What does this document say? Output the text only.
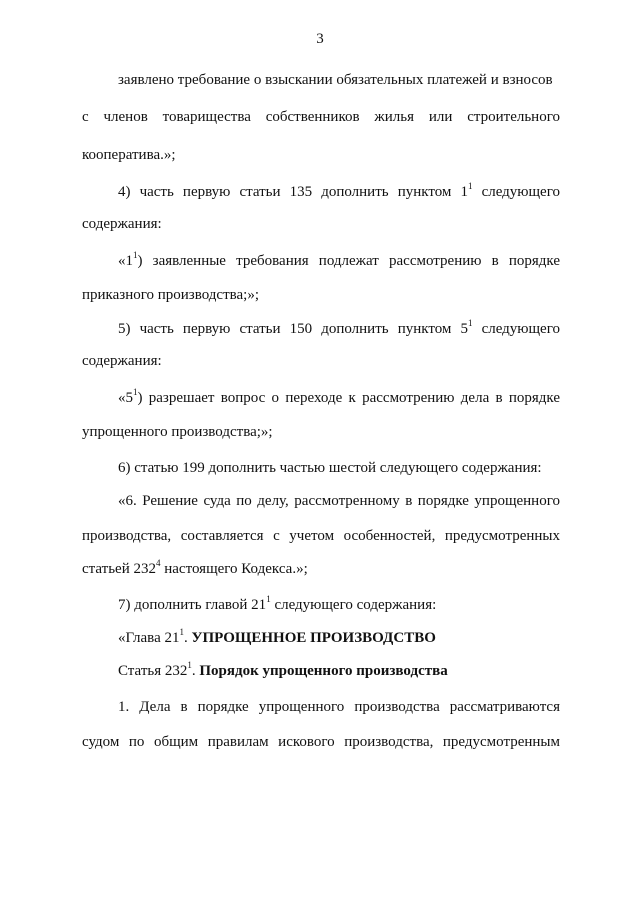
3
заявлено требование о взыскании обязательных платежей и взносов
с членов товарищества собственников жилья или строительного
кооператива.»;
4) часть первую статьи 135 дополнить пунктом $1^1$ следующего
содержания:
«$1^1$) заявленные требования подлежат рассмотрению в порядке
приказного производства;»;
5) часть первую статьи 150 дополнить пунктом $5^1$ следующего
содержания:
«$5^1$) разрешает вопрос о переходе к рассмотрению дела в порядке
упрощенного производства;»;
6) статью 199 дополнить частью шестой следующего содержания:
«6. Решение суда по делу, рассмотренному в порядке упрощенного
производства, составляется с учетом особенностей, предусмотренных
статьей $232^4$ настоящего Кодекса.»;
7) дополнить главой $21^1$ следующего содержания:
«Глава $21^1$. УПРОЩЕННОЕ ПРОИЗВОДСТВО
Статья $232^1$. Порядок упрощенного производства
1. Дела в порядке упрощенного производства рассматриваются
судом по общим правилам искового производства, предусмотренным
